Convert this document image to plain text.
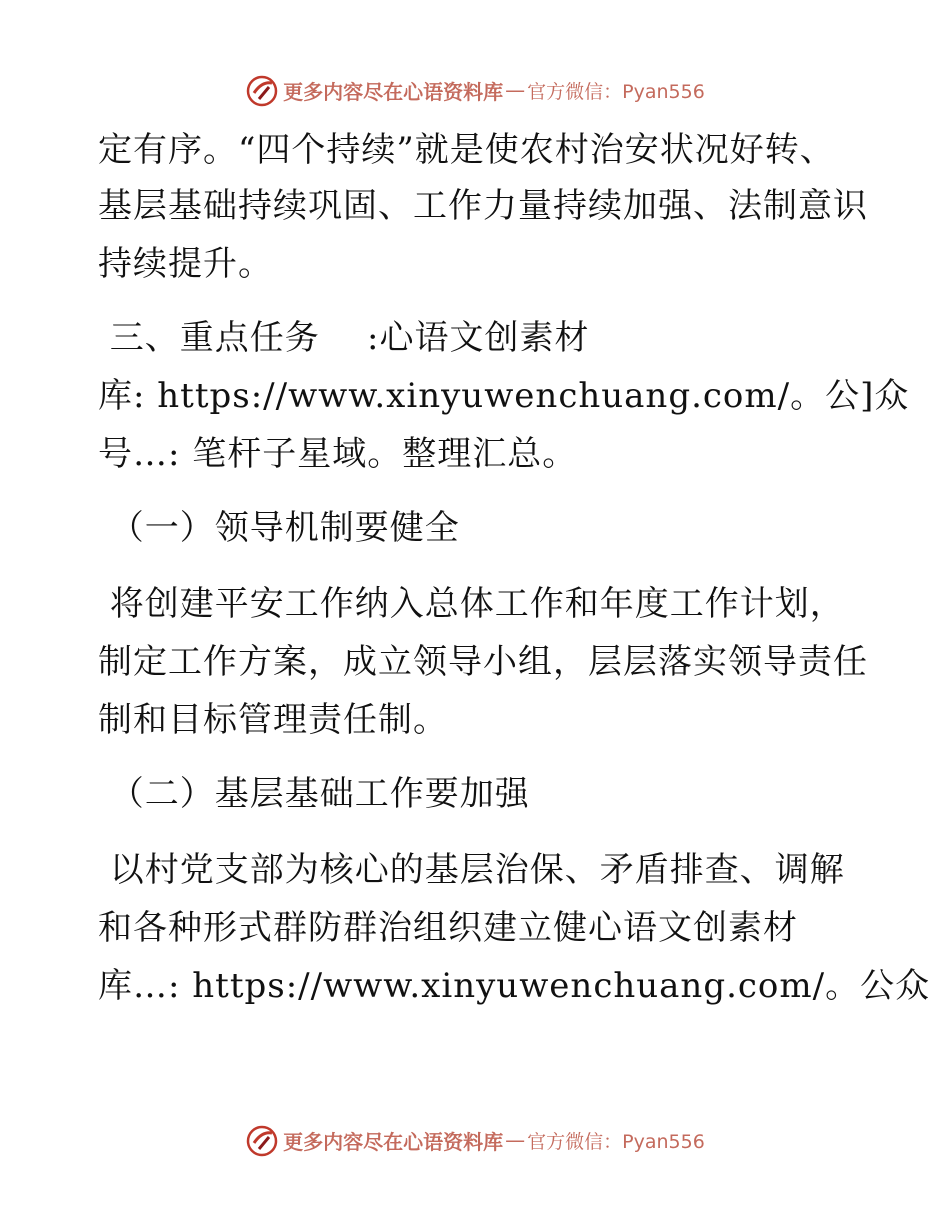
更多内容尽在心语资料库 — 官方微信：Pyan556
定有序。“四个持续”就是使农村治安状况好转、
基层基础持续巩固、工作力量持续加强、法制意识
持续提升。
三、重点任务    :心语文创素材
库: https://www.xinyuwenchuang.com/。公]众
号…: 笔杆子星域。整理汇总。
（一）领导机制要健全
将创建平安工作纳入总体工作和年度工作计划，
制定工作方案，成立领导小组，层层落实领导责任
制和目标管理责任制。
（二）基层基础工作要加强
以村党支部为核心的基层治保、矛盾排查、调解
和各种形式群防群治组织建立健心语文创素材
库…: https://www.xinyuwenchuang.com/。公众
更多内容尽在心语资料库 — 官方微信：Pyan556
